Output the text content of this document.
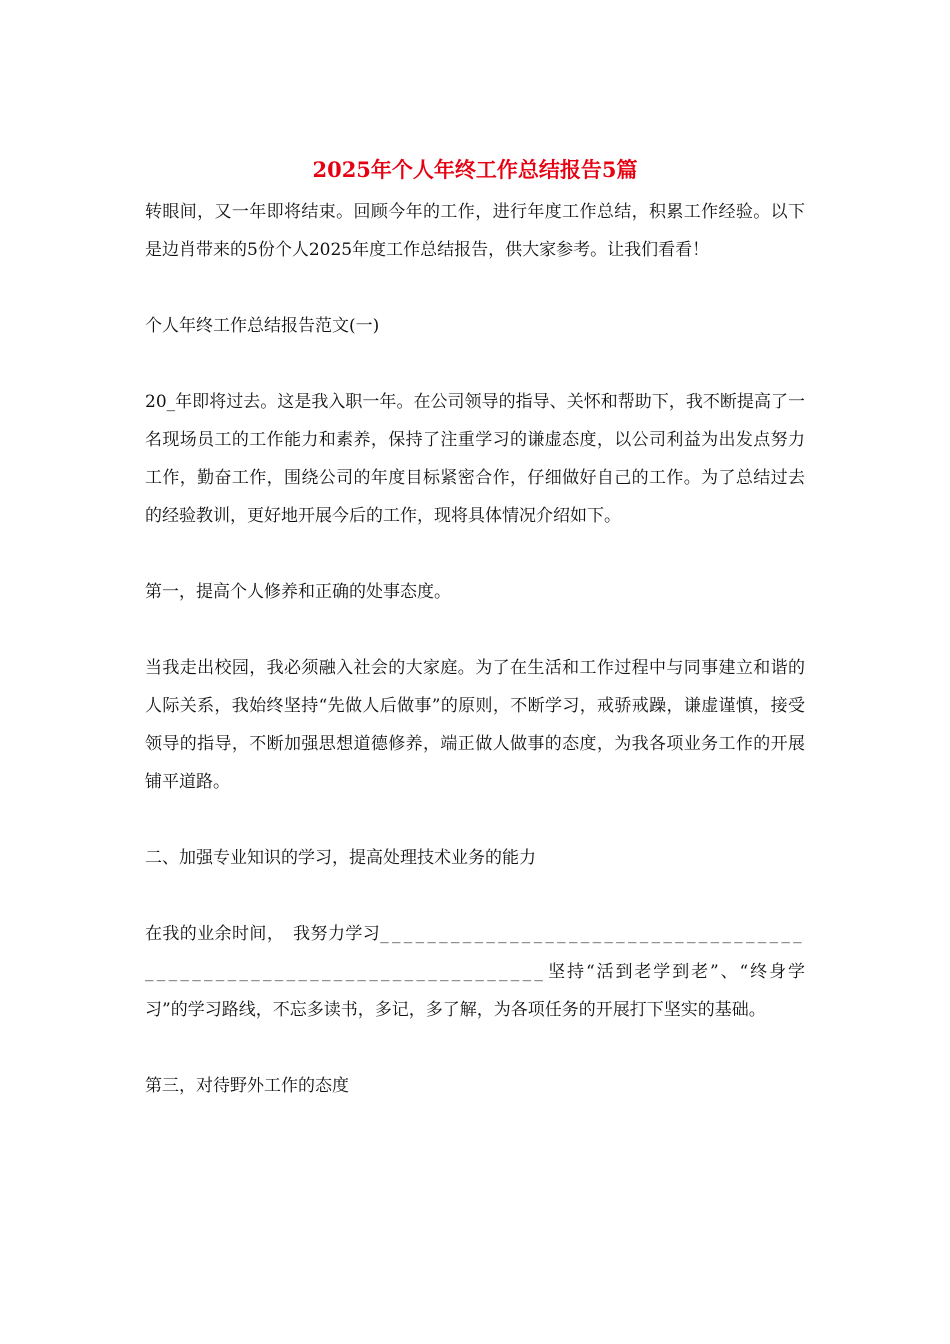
2025年个人年终工作总结报告5篇

转眼间，又一年即将结束。回顾今年的工作，进行年度工作总结，积累工作经验。以下是边肖带来的5份个人2025年度工作总结报告，供大家参考。让我们看看！

个人年终工作总结报告范文(一)

20_年即将过去。这是我入职一年。在公司领导的指导、关怀和帮助下，我不断提高了一名现场员工的工作能力和素养，保持了注重学习的谦虚态度，以公司利益为出发点努力工作，勤奋工作，围绕公司的年度目标紧密合作，仔细做好自己的工作。为了总结过去的经验教训，更好地开展今后的工作，现将具体情况介绍如下。

第一，提高个人修养和正确的处事态度。

当我走出校园，我必须融入社会的大家庭。为了在生活和工作过程中与同事建立和谐的人际关系，我始终坚持“先做人后做事”的原则，不断学习，戒骄戒躁，谦虚谨慎，接受领导的指导，不断加强思想道德修养，端正做人做事的态度，为我各项业务工作的开展铺平道路。

二、加强专业知识的学习，提高处理技术业务的能力

在我的业余时间，　我努力学习______________________________________________________________________坚持“活到老学到老”、“终身学习”的学习路线，不忘多读书，多记，多了解，为各项任务的开展打下坚实的基础。

第三，对待野外工作的态度
